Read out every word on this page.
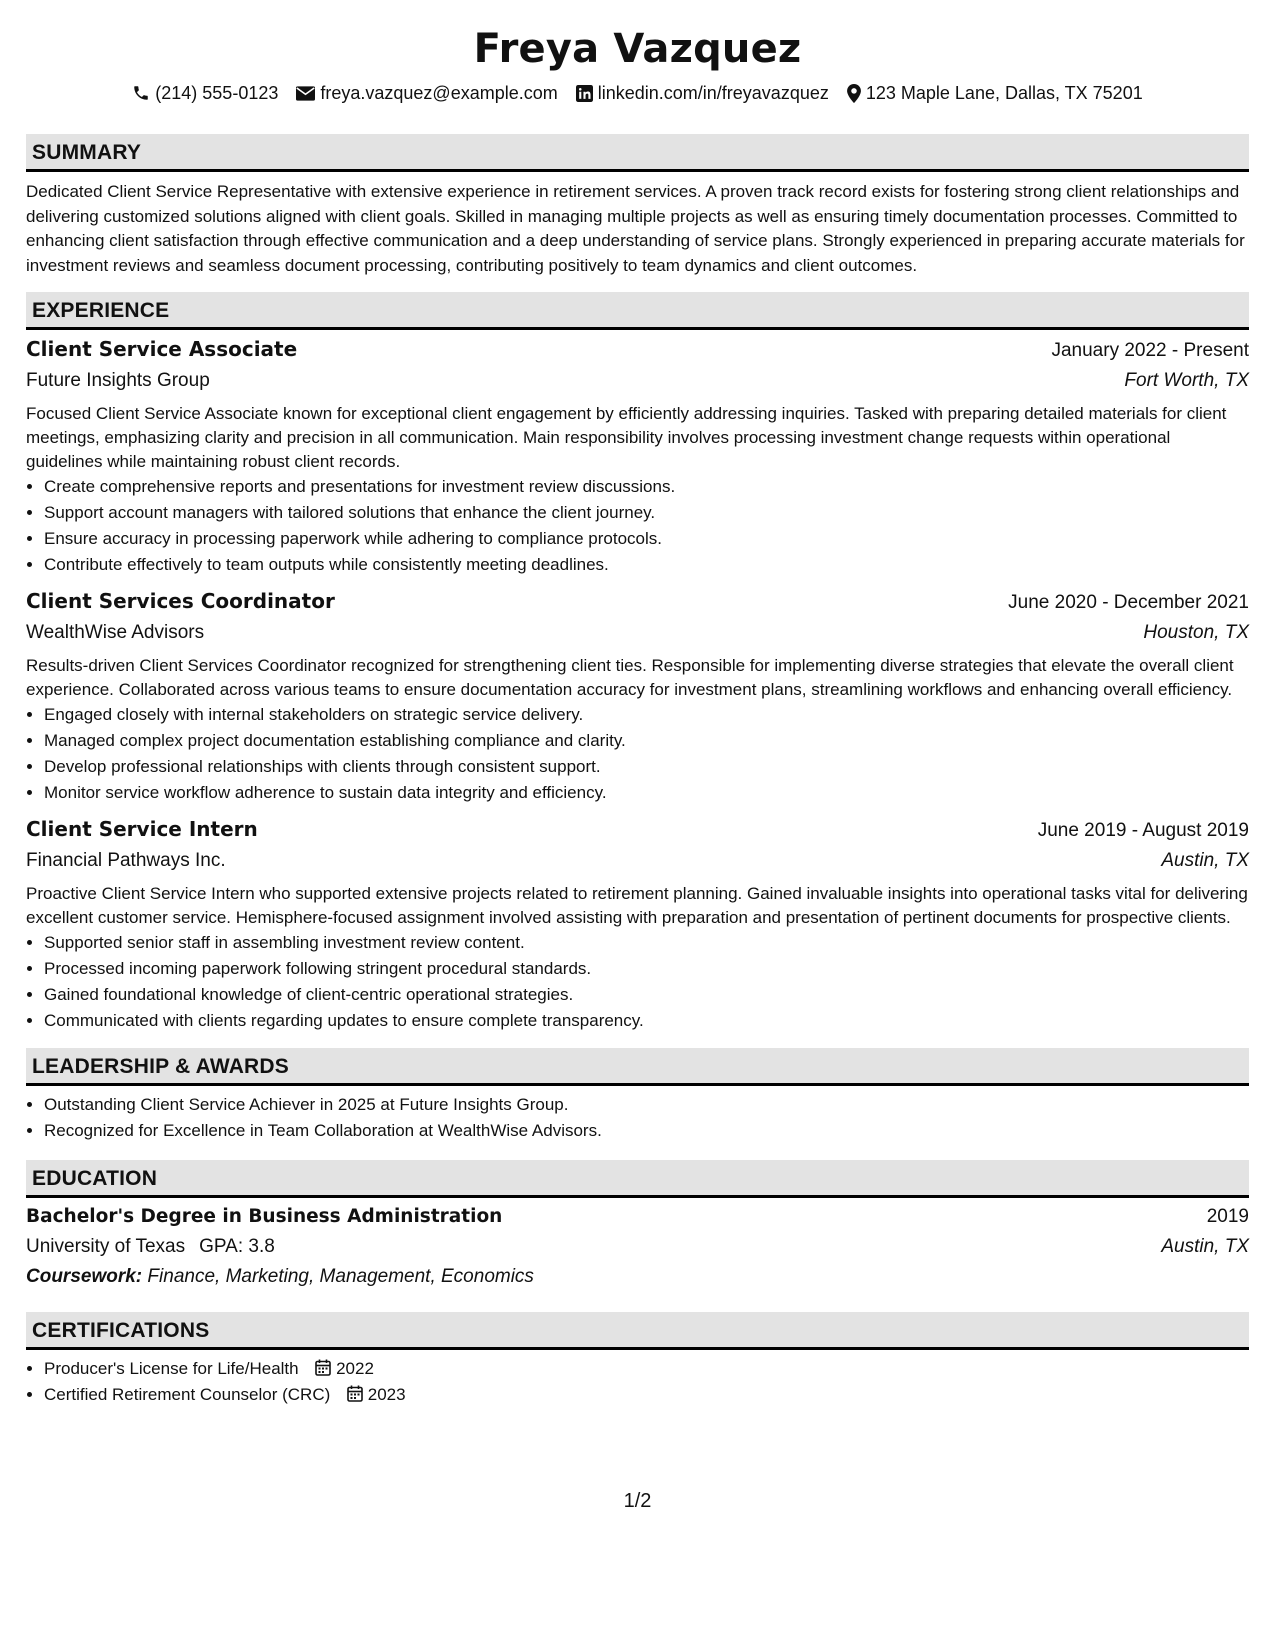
Freya Vazquez
(214) 555-0123 freya.vazquez@example.com linkedin.com/in/freyavazquez 123 Maple Lane, Dallas, TX 75201
SUMMARY
Dedicated Client Service Representative with extensive experience in retirement services. A proven track record exists for fostering strong client relationships and delivering customized solutions aligned with client goals. Skilled in managing multiple projects as well as ensuring timely documentation processes. Committed to enhancing client satisfaction through effective communication and a deep understanding of service plans. Strongly experienced in preparing accurate materials for investment reviews and seamless document processing, contributing positively to team dynamics and client outcomes.
EXPERIENCE
Client Service Associate	January 2022 - Present
Future Insights Group	Fort Worth, TX
Focused Client Service Associate known for exceptional client engagement by efficiently addressing inquiries. Tasked with preparing detailed materials for client meetings, emphasizing clarity and precision in all communication. Main responsibility involves processing investment change requests within operational guidelines while maintaining robust client records.
• Create comprehensive reports and presentations for investment review discussions.
• Support account managers with tailored solutions that enhance the client journey.
• Ensure accuracy in processing paperwork while adhering to compliance protocols.
• Contribute effectively to team outputs while consistently meeting deadlines.
Client Services Coordinator	June 2020 - December 2021
WealthWise Advisors	Houston, TX
Results-driven Client Services Coordinator recognized for strengthening client ties. Responsible for implementing diverse strategies that elevate the overall client experience. Collaborated across various teams to ensure documentation accuracy for investment plans, streamlining workflows and enhancing overall efficiency.
• Engaged closely with internal stakeholders on strategic service delivery.
• Managed complex project documentation establishing compliance and clarity.
• Develop professional relationships with clients through consistent support.
• Monitor service workflow adherence to sustain data integrity and efficiency.
Client Service Intern	June 2019 - August 2019
Financial Pathways Inc.	Austin, TX
Proactive Client Service Intern who supported extensive projects related to retirement planning. Gained invaluable insights into operational tasks vital for delivering excellent customer service. Hemisphere-focused assignment involved assisting with preparation and presentation of pertinent documents for prospective clients.
• Supported senior staff in assembling investment review content.
• Processed incoming paperwork following stringent procedural standards.
• Gained foundational knowledge of client-centric operational strategies.
• Communicated with clients regarding updates to ensure complete transparency.
LEADERSHIP & AWARDS
• Outstanding Client Service Achiever in 2025 at Future Insights Group.
• Recognized for Excellence in Team Collaboration at WealthWise Advisors.
EDUCATION
Bachelor's Degree in Business Administration	2019
University of Texas GPA: 3.8	Austin, TX
Coursework: Finance, Marketing, Management, Economics
CERTIFICATIONS
• Producer's License for Life/Health 2022
• Certified Retirement Counselor (CRC) 2023
1/2
